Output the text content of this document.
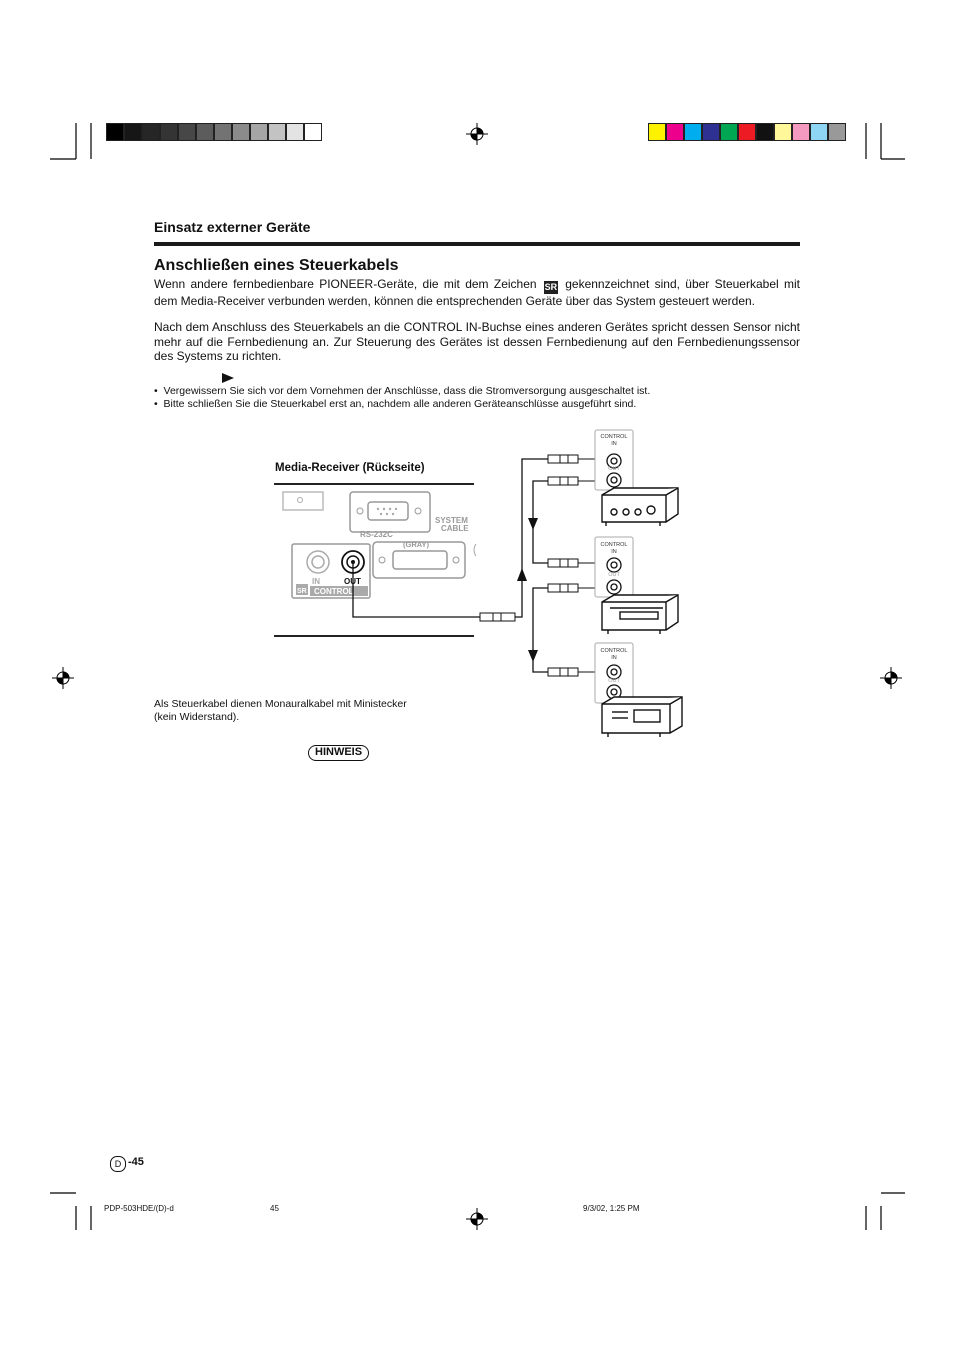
Einsatz externer Geräte
Anschließen eines Steuerkabels
Wenn andere fernbedienbare PIONEER-Geräte, die mit dem Zeichen SR gekennzeichnet sind, über Steuerkabel mit dem Media-Receiver verbunden werden, können die entsprechenden Geräte über das System gesteuert werden.
Nach dem Anschluss des Steuerkabels an die CONTROL IN-Buchse eines anderen Gerätes spricht dessen Sensor nicht mehr auf die Fernbedienung an. Zur Steuerung des Gerätes ist dessen Fernbedienung auf den Fernbedienungssensor des Systems zu richten.
HINWEIS
•  Vergewissern Sie sich vor dem Vornehmen der Anschlüsse, dass die Stromversorgung ausgeschaltet ist.
•  Bitte schließen Sie die Steuerkabel erst an, nachdem alle anderen Geräteanschlüsse ausgeführt sind.
Media-Receiver (Rückseite)
RS-232C
(GRAY)
SYSTEM
CABLE
IN	OUT
SR CONTROL
CONTROL
IN
OUT
CONTROL
IN
OUT
CONTROL
IN
OUT
Als Steuerkabel dienen Monauralkabel mit Ministecker
(kein Widerstand).
D -45
PDP-503HDE/(D)-d	45	9/3/02, 1:25 PM
